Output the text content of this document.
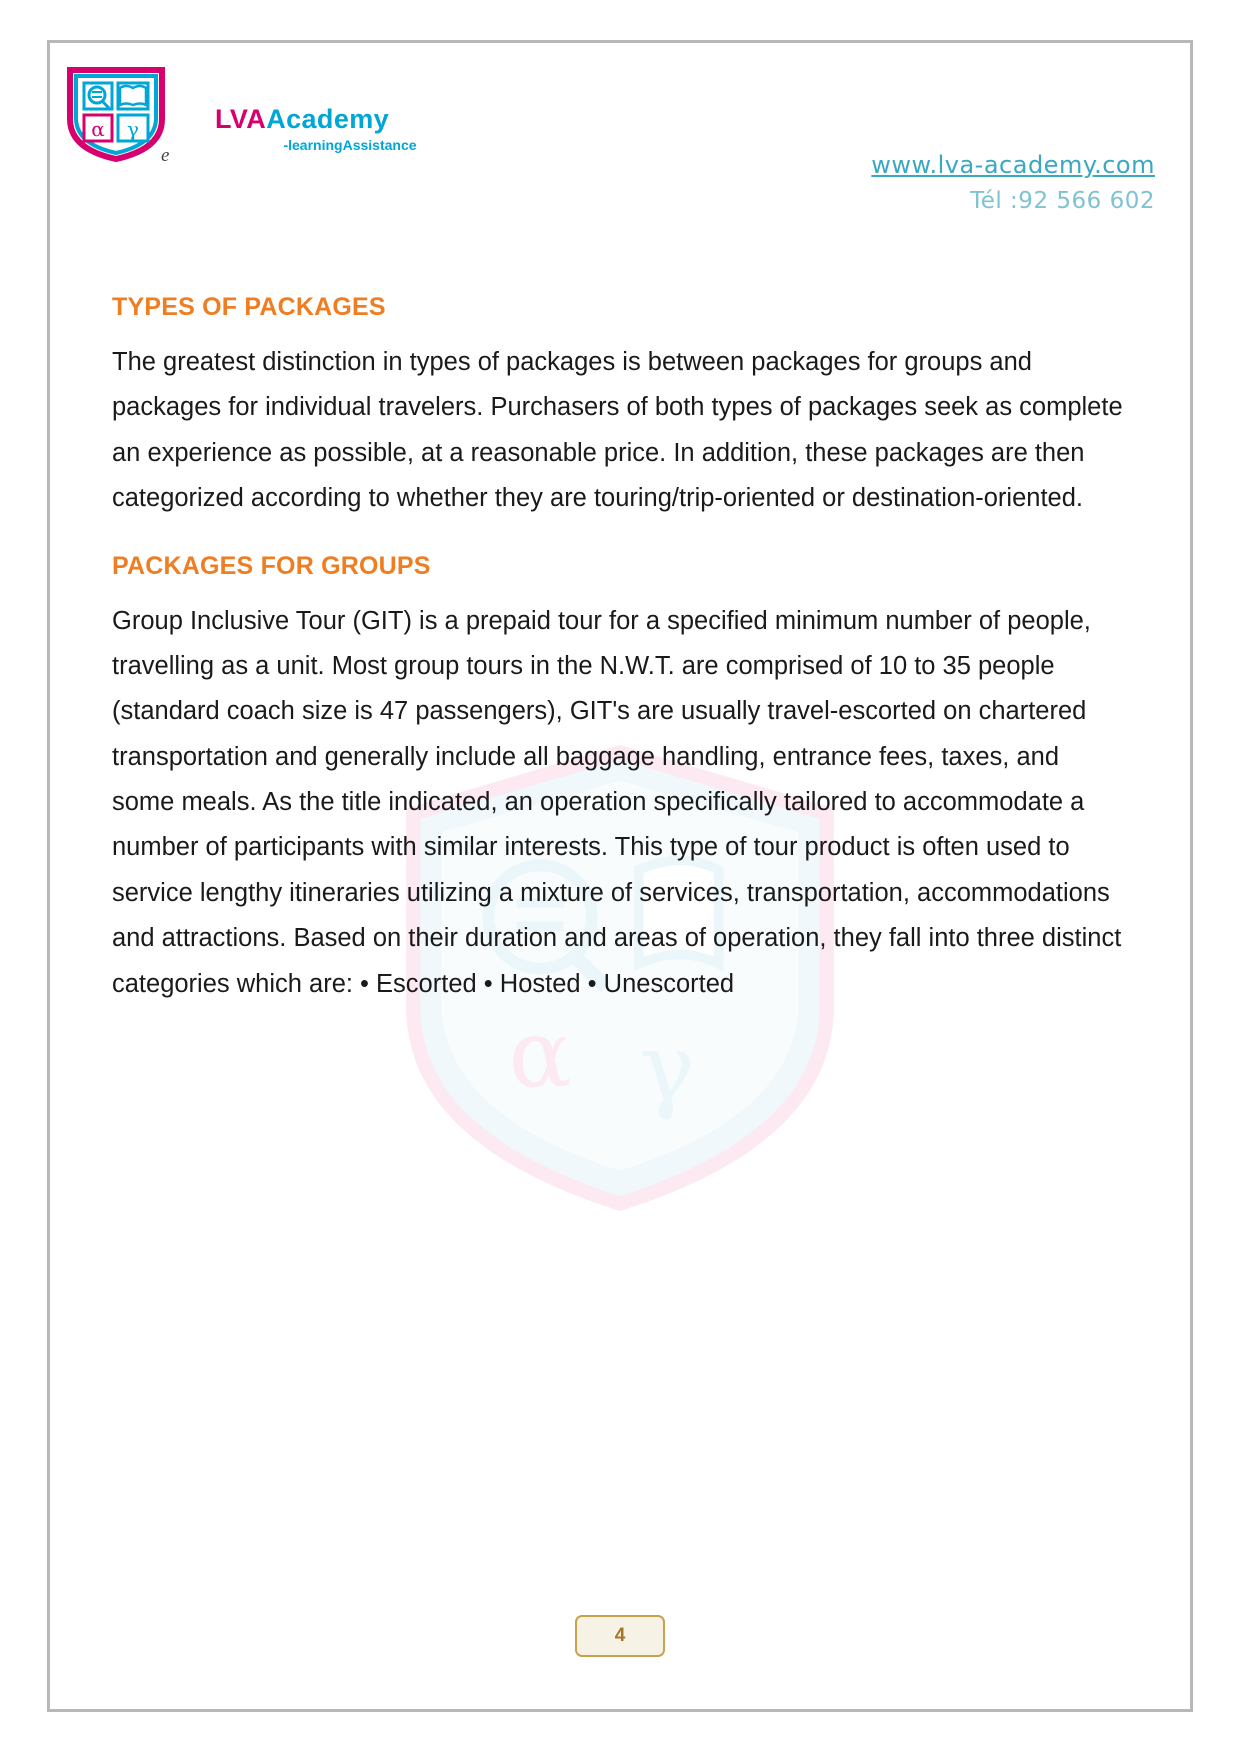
α γ
α γ
e
LVAAcademy
-learningAssistance
www.lva-academy.com
Tél :92 566 602
TYPES OF PACKAGES

The greatest distinction in types of packages is between packages for groups and packages for individual travelers. Purchasers of both types of packages seek as complete an experience as possible, at a reasonable price. In addition, these packages are then categorized according to whether they are touring/trip-oriented or destination-oriented.

PACKAGES FOR GROUPS

Group Inclusive Tour (GIT) is a prepaid tour for a specified minimum number of people, travelling as a unit. Most group tours in the N.W.T. are comprised of 10 to 35 people (standard coach size is 47 passengers), GIT's are usually travel-escorted on chartered transportation and generally include all baggage handling, entrance fees, taxes, and some meals. As the title indicated, an operation specifically tailored to accommodate a number of participants with similar interests. This type of tour product is often used to service lengthy itineraries utilizing a mixture of services, transportation, accommodations and attractions. Based on their duration and areas of operation, they fall into three distinct categories which are: • Escorted • Hosted • Unescorted

4
